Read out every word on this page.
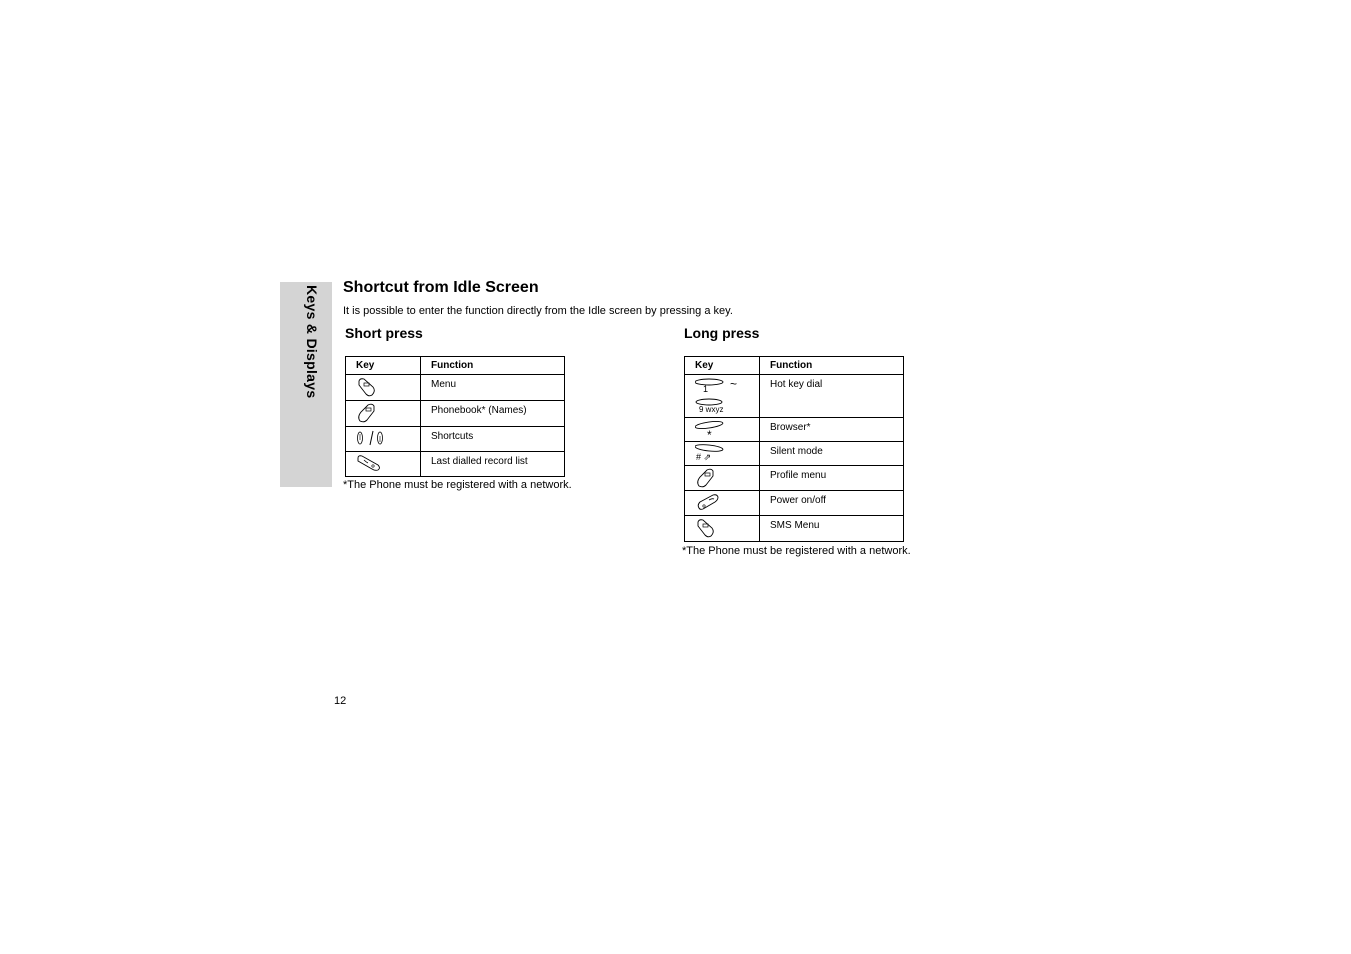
Keys & Displays Shortcut from Idle Screen

It is possible to enter the function directly from the Idle screen by pressing a key.

Short press
Key	Function

	Menu

	Phonebook* (Names)

	Shortcuts

	Last dialled record list

*The Phone must be registered with a network.

Long press
Key	Function

1 ~
9 wxyz	Hot key dial

*	Browser*

# ⇗	Silent mode

	Profile menu

	Power on/off

	SMS Menu

*The Phone must be registered with a network.

12
